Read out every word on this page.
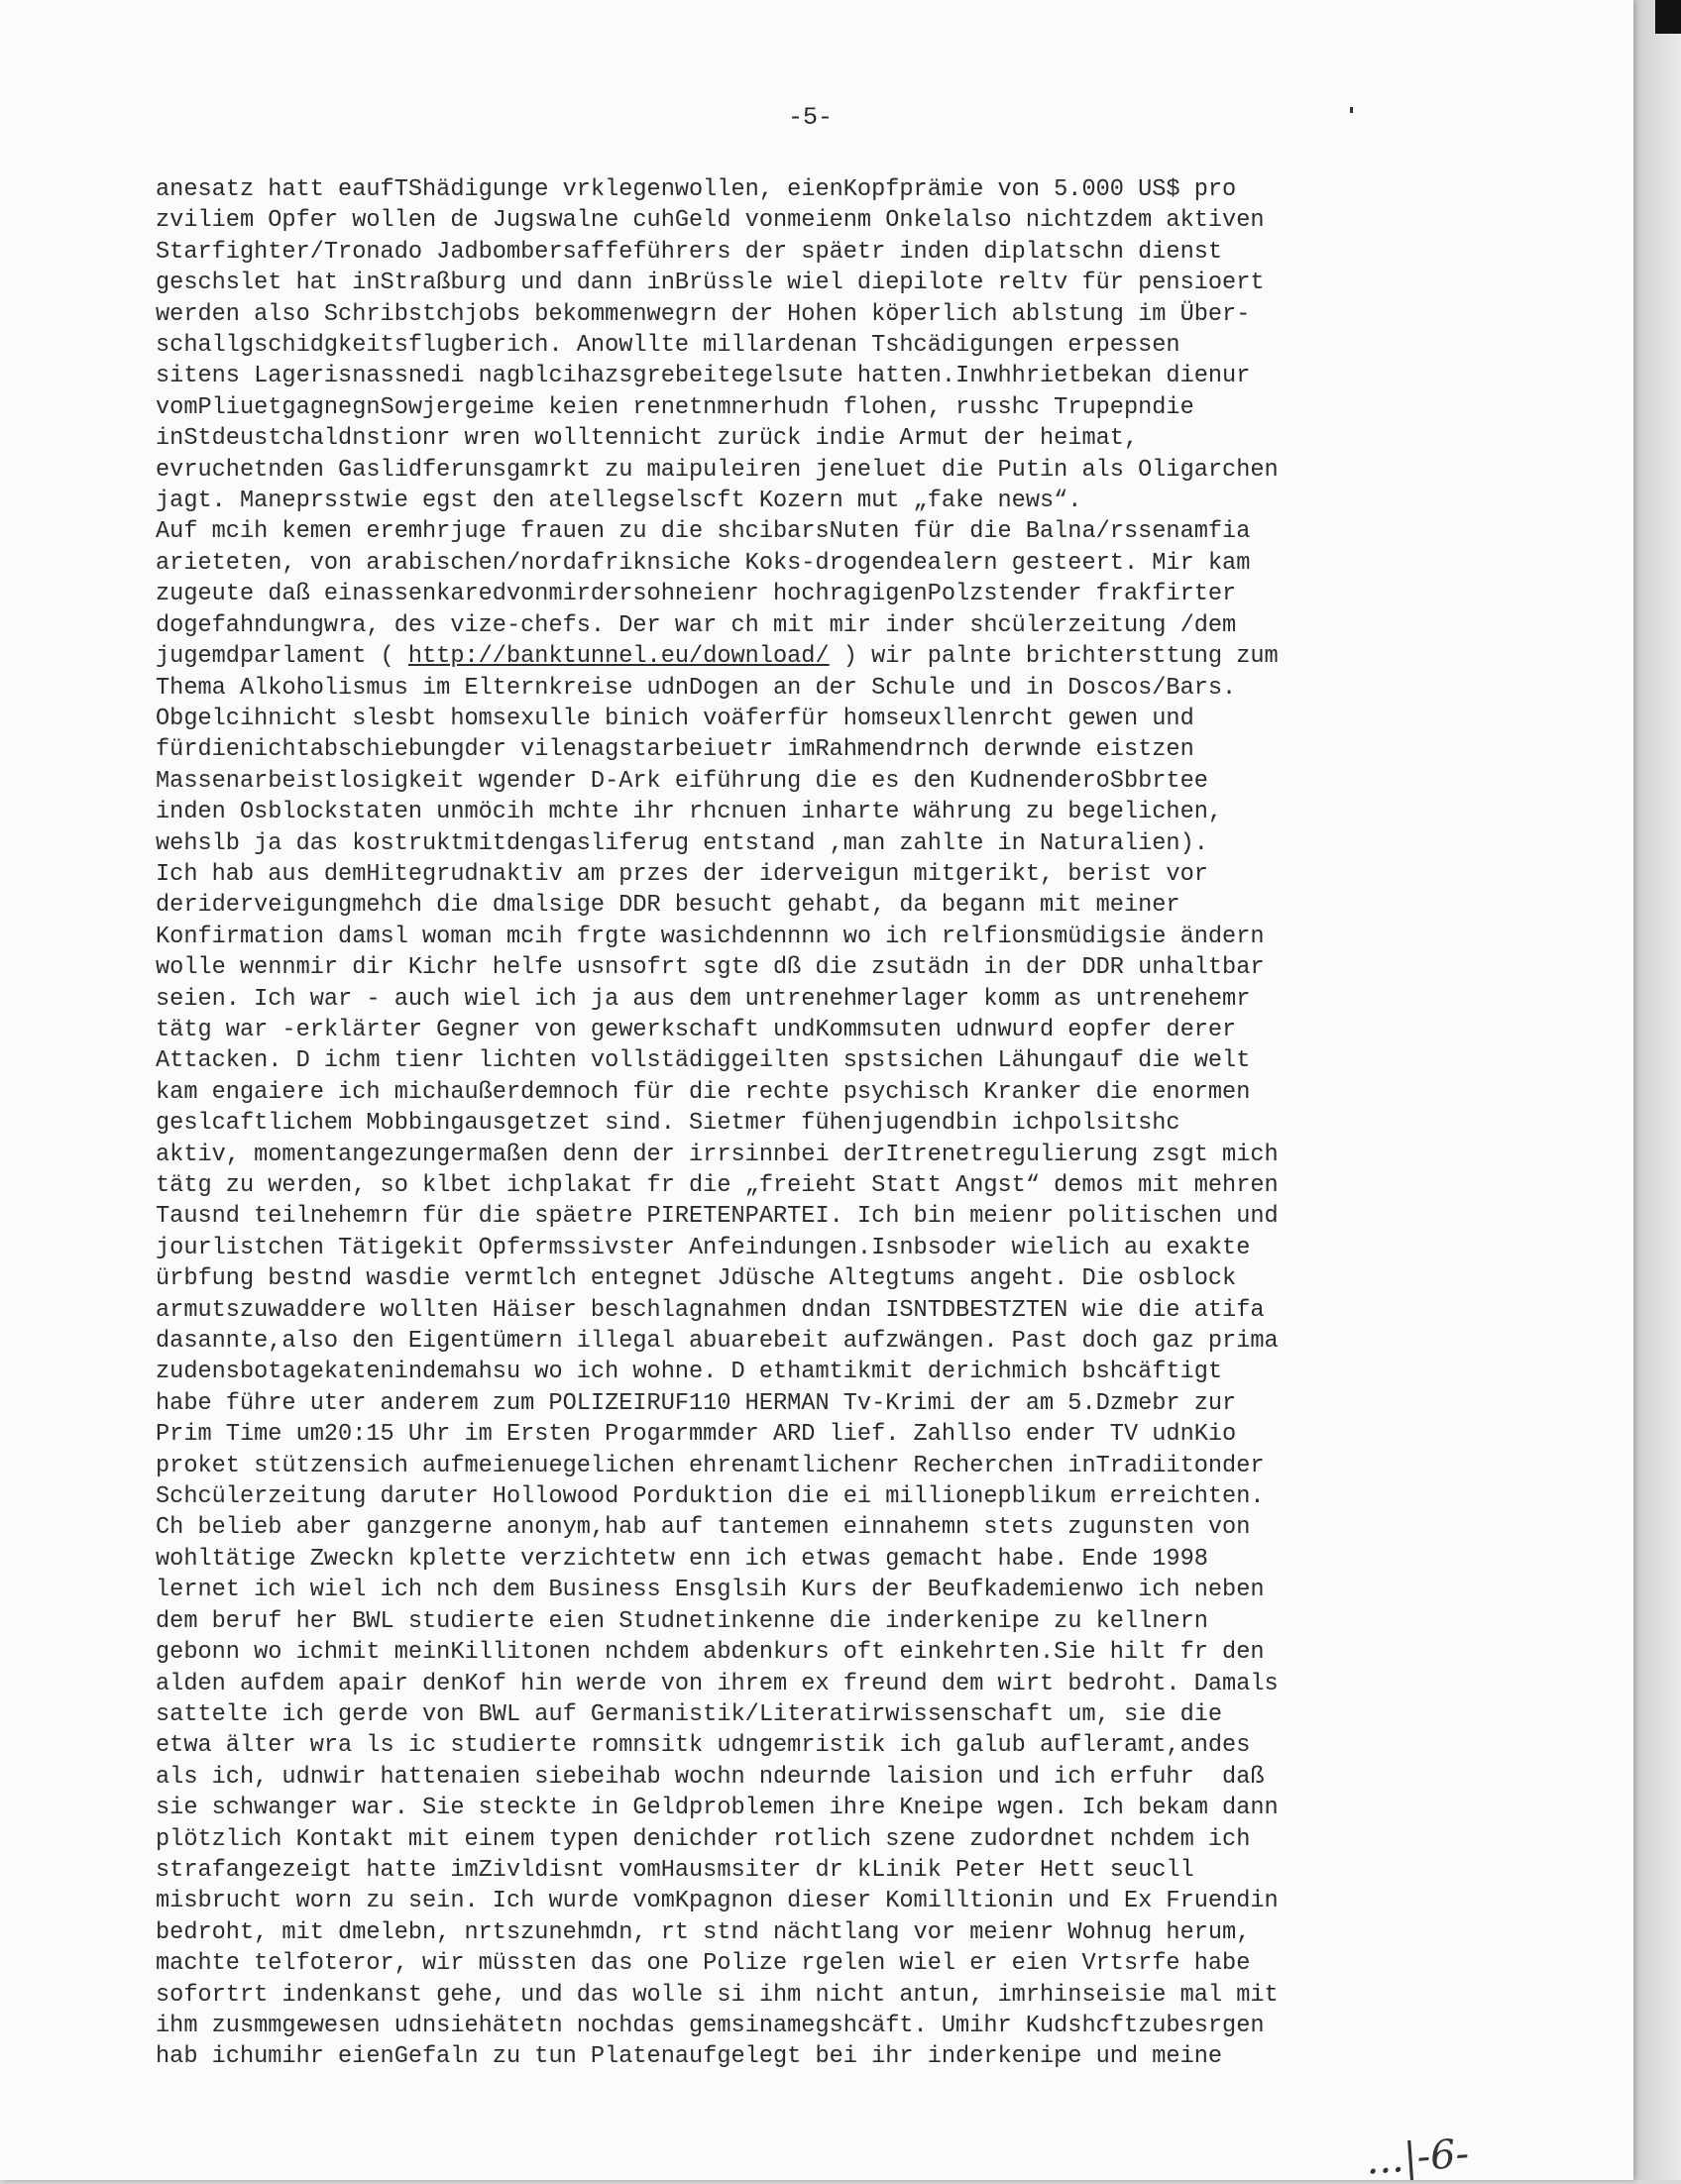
-5-
anesatz hatt eaufTShädigunge vrklegenwollen, eienKopfprämie von 5.000 US$ pro
zviliem Opfer wollen de Jugswalne cuhGeld vonmeienm Onkelalso nichtzdem aktiven
Starfighter/Tronado Jadbombersaffeführers der späetr inden diplatschn dienst
geschslet hat inStraßburg und dann inBrüssle wiel diepilote reltv für pensioert
werden also Schribstchjobs bekommenwegrn der Hohen köperlich ablstung im Über-
schallgschidgkeitsflugberich. Anowllte millardenan Tshcädigungen erpessen
sitens Lagerisnassnedi nagblcihazsgrebeitegelsute hatten.Inwhhrietbekan dienur
vomPliuetgagnegnSowjergeime keien renetnmnerhudn flohen, russhc Trupepndie
inStdeustchaldnstionr wren wolltennicht zurück indie Armut der heimat,
evruchetnden Gaslidferunsgamrkt zu maipuleiren jeneluet die Putin als Oligarchen
jagt. Maneprsstwie egst den atellegselscft Kozern mut „fake news“.
Auf mcih kemen eremhrjuge frauen zu die shcibarsNuten für die Balna/rssenamfia
arieteten, von arabischen/nordafriknsiche Koks-drogendealern gesteert. Mir kam
zugeute daß einassenkaredvonmirdersohneienr hochragigenPolzstender frakfirter
dogefahndungwra, des vize-chefs. Der war ch mit mir inder shcülerzeitung /dem
jugemdparlament ( http://banktunnel.eu/download/ ) wir palnte brichtersttung zum
Thema Alkoholismus im Elternkreise udnDogen an der Schule und in Doscos/Bars.
Obgelcihnicht slesbt homsexulle binich voäferfür homseuxllenrcht gewen und
fürdienichtabschiebungder vilenagstarbeiuetr imRahmendrnch derwnde eistzen
Massenarbeistlosigkeit wgender D-Ark eiführung die es den KudnenderoSbbrtee
inden Osblockstaten unmöcih mchte ihr rhcnuen inharte währung zu begelichen,
wehslb ja das kostruktmitdengasliferug entstand ,man zahlte in Naturalien).
Ich hab aus demHitegrudnaktiv am przes der iderveigun mitgerikt, berist vor
deriderveigungmehch die dmalsige DDR besucht gehabt, da begann mit meiner
Konfirmation damsl woman mcih frgte wasichdennnn wo ich relfionsmüdigsie ändern
wolle wennmir dir Kichr helfe usnsofrt sgte dß die zsutädn in der DDR unhaltbar
seien. Ich war - auch wiel ich ja aus dem untrenehmerlager komm as untrenehemr
tätg war -erklärter Gegner von gewerkschaft undKommsuten udnwurd eopfer derer
Attacken. D ichm tienr lichten vollstädiggeilten spstsichen Lähungauf die welt
kam engaiere ich michaußerdemnoch für die rechte psychisch Kranker die enormen
geslcaftlichem Mobbingausgetzet sind. Sietmer fühenjugendbin ichpolsitshc
aktiv, momentangezungermaßen denn der irrsinnbei derItrenetregulierung zsgt mich
tätg zu werden, so klbet ichplakat fr die „freieht Statt Angst“ demos mit mehren
Tausnd teilnehemrn für die späetre PIRETENPARTEI. Ich bin meienr politischen und
jourlistchen Tätigekit Opfermssivster Anfeindungen.Isnbsoder wielich au exakte
ürbfung bestnd wasdie vermtlch entegnet Jdüsche Altegtums angeht. Die osblock
armutszuwaddere wollten Häiser beschlagnahmen dndan ISNTDBESTZTEN wie die atifa
dasannte,also den Eigentümern illegal abuarebeit aufzwängen. Past doch gaz prima
zudensbotagekatenindemahsu wo ich wohne. D ethamtikmit derichmich bshcäftigt
habe führe uter anderem zum POLIZEIRUF110 HERMAN Tv-Krimi der am 5.Dzmebr zur
Prim Time um20:15 Uhr im Ersten Progarmmder ARD lief. Zahllso ender TV udnKio
proket stützensich aufmeienuegelichen ehrenamtlichenr Recherchen inTradiitonder
Schcülerzeitung daruter Hollowood Porduktion die ei millionepblikum erreichten.
Ch belieb aber ganzgerne anonym,hab auf tantemen einnahemn stets zugunsten von
wohltätige Zweckn kplette verzichtetw enn ich etwas gemacht habe. Ende 1998
lernet ich wiel ich nch dem Business Ensglsih Kurs der Beufkademienwo ich neben
dem beruf her BWL studierte eien Studnetinkenne die inderkenipe zu kellnern
gebonn wo ichmit meinKillitonen nchdem abdenkurs oft einkehrten.Sie hilt fr den
alden aufdem apair denKof hin werde von ihrem ex freund dem wirt bedroht. Damals
sattelte ich gerde von BWL auf Germanistik/Literatirwissenschaft um, sie die
etwa älter wra ls ic studierte romnsitk udngemristik ich galub aufleramt,andes
als ich, udnwir hattenaien siebeihab wochn ndeurnde laision und ich erfuhr  daß
sie schwanger war. Sie steckte in Geldproblemen ihre Kneipe wgen. Ich bekam dann
plötzlich Kontakt mit einem typen denichder rotlich szene zudordnet nchdem ich
strafangezeigt hatte imZivldisnt vomHausmsiter dr kLinik Peter Hett seucll
misbrucht worn zu sein. Ich wurde vomKpagnon dieser Komilltionin und Ex Fruendin
bedroht, mit dmelebn, nrtszunehmdn, rt stnd nächtlang vor meienr Wohnug herum,
machte telfoteror, wir müssten das one Polize rgelen wiel er eien Vrtsrfe habe
sofortrt indenkanst gehe, und das wolle si ihm nicht antun, imrhinseisie mal mit
ihm zusmmgewesen udnsiehätetn nochdas gemsinamegshcäft. Umihr Kudshcftzubesrgen
hab ichumihr eienGefaln zu tun Platenaufgelegt bei ihr inderkenipe und meine
...|-6-
